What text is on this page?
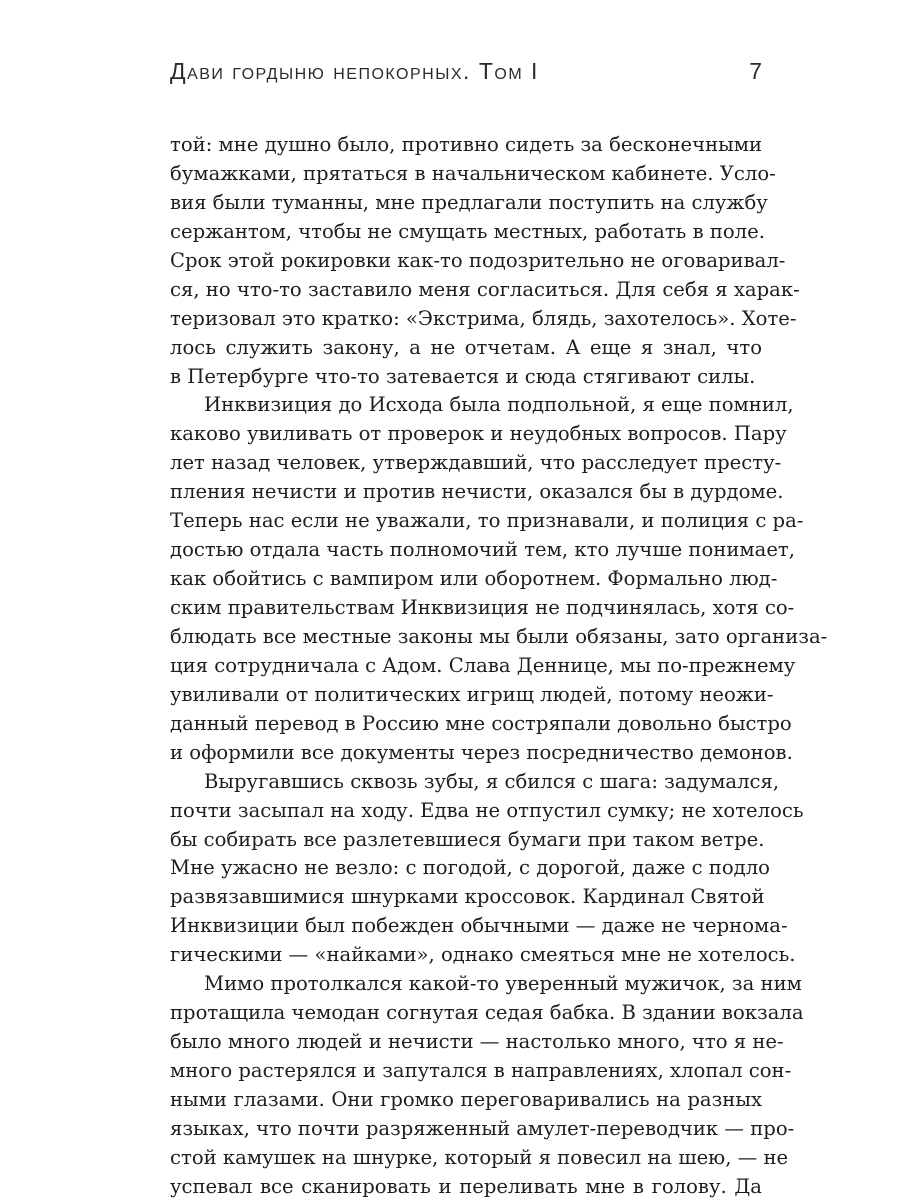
Дави гордыню непокорных. Том I	7
той: мне душно было, противно сидеть за бесконечными
бумажками, прятаться в начальническом кабинете. Усло-
вия были туманны, мне предлагали поступить на службу
сержантом, чтобы не смущать местных, работать в поле.
Срок этой рокировки как-то подозрительно не оговаривал-
ся, но что-то заставило меня согласиться. Для себя я харак-
теризовал это кратко: «Экстрима, блядь, захотелось». Хоте-
лось служить закону, а не отчетам. А еще я знал, что
в Петербурге что-то затевается и сюда стягивают силы.
Инквизиция до Исхода была подпольной, я еще помнил,
каково увиливать от проверок и неудобных вопросов. Пару
лет назад человек, утверждавший, что расследует престу-
пления нечисти и против нечисти, оказался бы в дурдоме.
Теперь нас если не уважали, то признавали, и полиция с ра-
достью отдала часть полномочий тем, кто лучше понимает,
как обойтись с вампиром или оборотнем. Формально люд-
ским правительствам Инквизиция не подчинялась, хотя со-
блюдать все местные законы мы были обязаны, зато организа-
ция сотрудничала с Адом. Слава Деннице, мы по-прежнему
увиливали от политических игрищ людей, потому неожи-
данный перевод в Россию мне состряпали довольно быстро
и оформили все документы через посредничество демонов.
Выругавшись сквозь зубы, я сбился с шага: задумался,
почти засыпал на ходу. Едва не отпустил сумку; не хотелось
бы собирать все разлетевшиеся бумаги при таком ветре.
Мне ужасно не везло: с погодой, с дорогой, даже с подло
развязавшимися шнурками кроссовок. Кардинал Святой
Инквизиции был побежден обычными — даже не чернома-
гическими — «найками», однако смеяться мне не хотелось.
Мимо протолкался какой-то уверенный мужичок, за ним
протащила чемодан согнутая седая бабка. В здании вокзала
было много людей и нечисти — настолько много, что я не-
много растерялся и запутался в направлениях, хлопал сон-
ными глазами. Они громко переговаривались на разных
языках, что почти разряженный амулет-переводчик — про-
стой камушек на шнурке, который я повесил на шею, — не
успевал все сканировать и переливать мне в голову. Да
